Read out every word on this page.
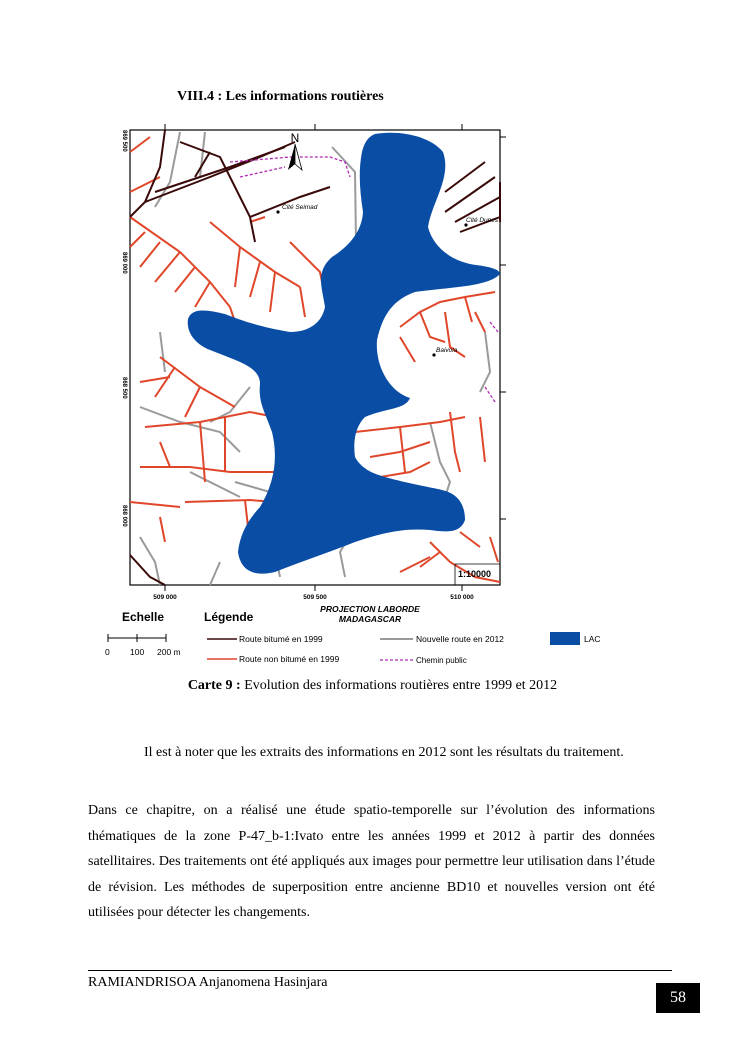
VIII.4 : Les informations routières
N
Cité Seimad
Cité Dunes
Baivola
869 500
869 000
868 500
868 000
509 000	509 500	510 000
1:10000
PROJECTION LABORDE
MADAGASCAR
Echelle
0 100 200 m
Légende
Route bitumé en 1999
Route non bitumé en 1999
Nouvelle route en 2012
Chemin public
LAC
Carte 9 : Evolution des informations routières entre 1999 et 2012

Il est à noter que les extraits des informations en 2012 sont les résultats du traitement.

Dans ce chapitre, on a réalisé une étude spatio-temporelle sur l’évolution des informations thématiques de la zone P-47_b-1:Ivato entre les années 1999 et 2012 à partir des données satellitaires. Des traitements ont été appliqués aux images pour permettre leur utilisation dans l’étude de révision. Les méthodes de superposition entre ancienne BD10 et nouvelles version ont été utilisées pour détecter les changements.

RAMIANDRISOA Anjanomena Hasinjara
58
